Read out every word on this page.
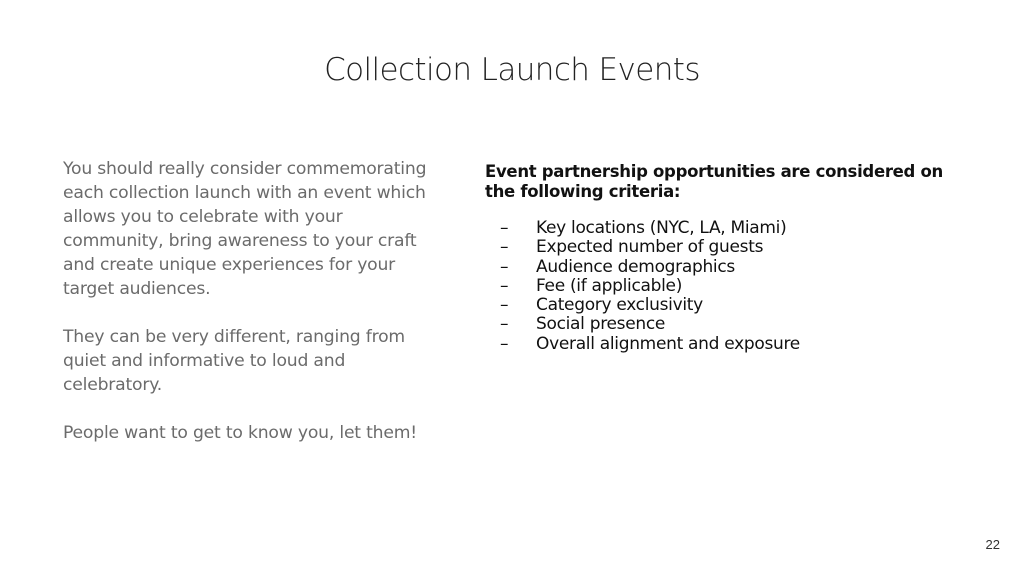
Collection Launch Events

You should really consider commemorating each collection launch with an event which allows you to celebrate with your community, bring awareness to your craft and create unique experiences for your target audiences.

They can be very different, ranging from quiet and informative to loud and celebratory.

People want to get to know you, let them!

Event partnership opportunities are considered on the following criteria:
– Key locations (NYC, LA, Miami)
– Expected number of guests
– Audience demographics
– Fee (if applicable)
– Category exclusivity
– Social presence
– Overall alignment and exposure
22
